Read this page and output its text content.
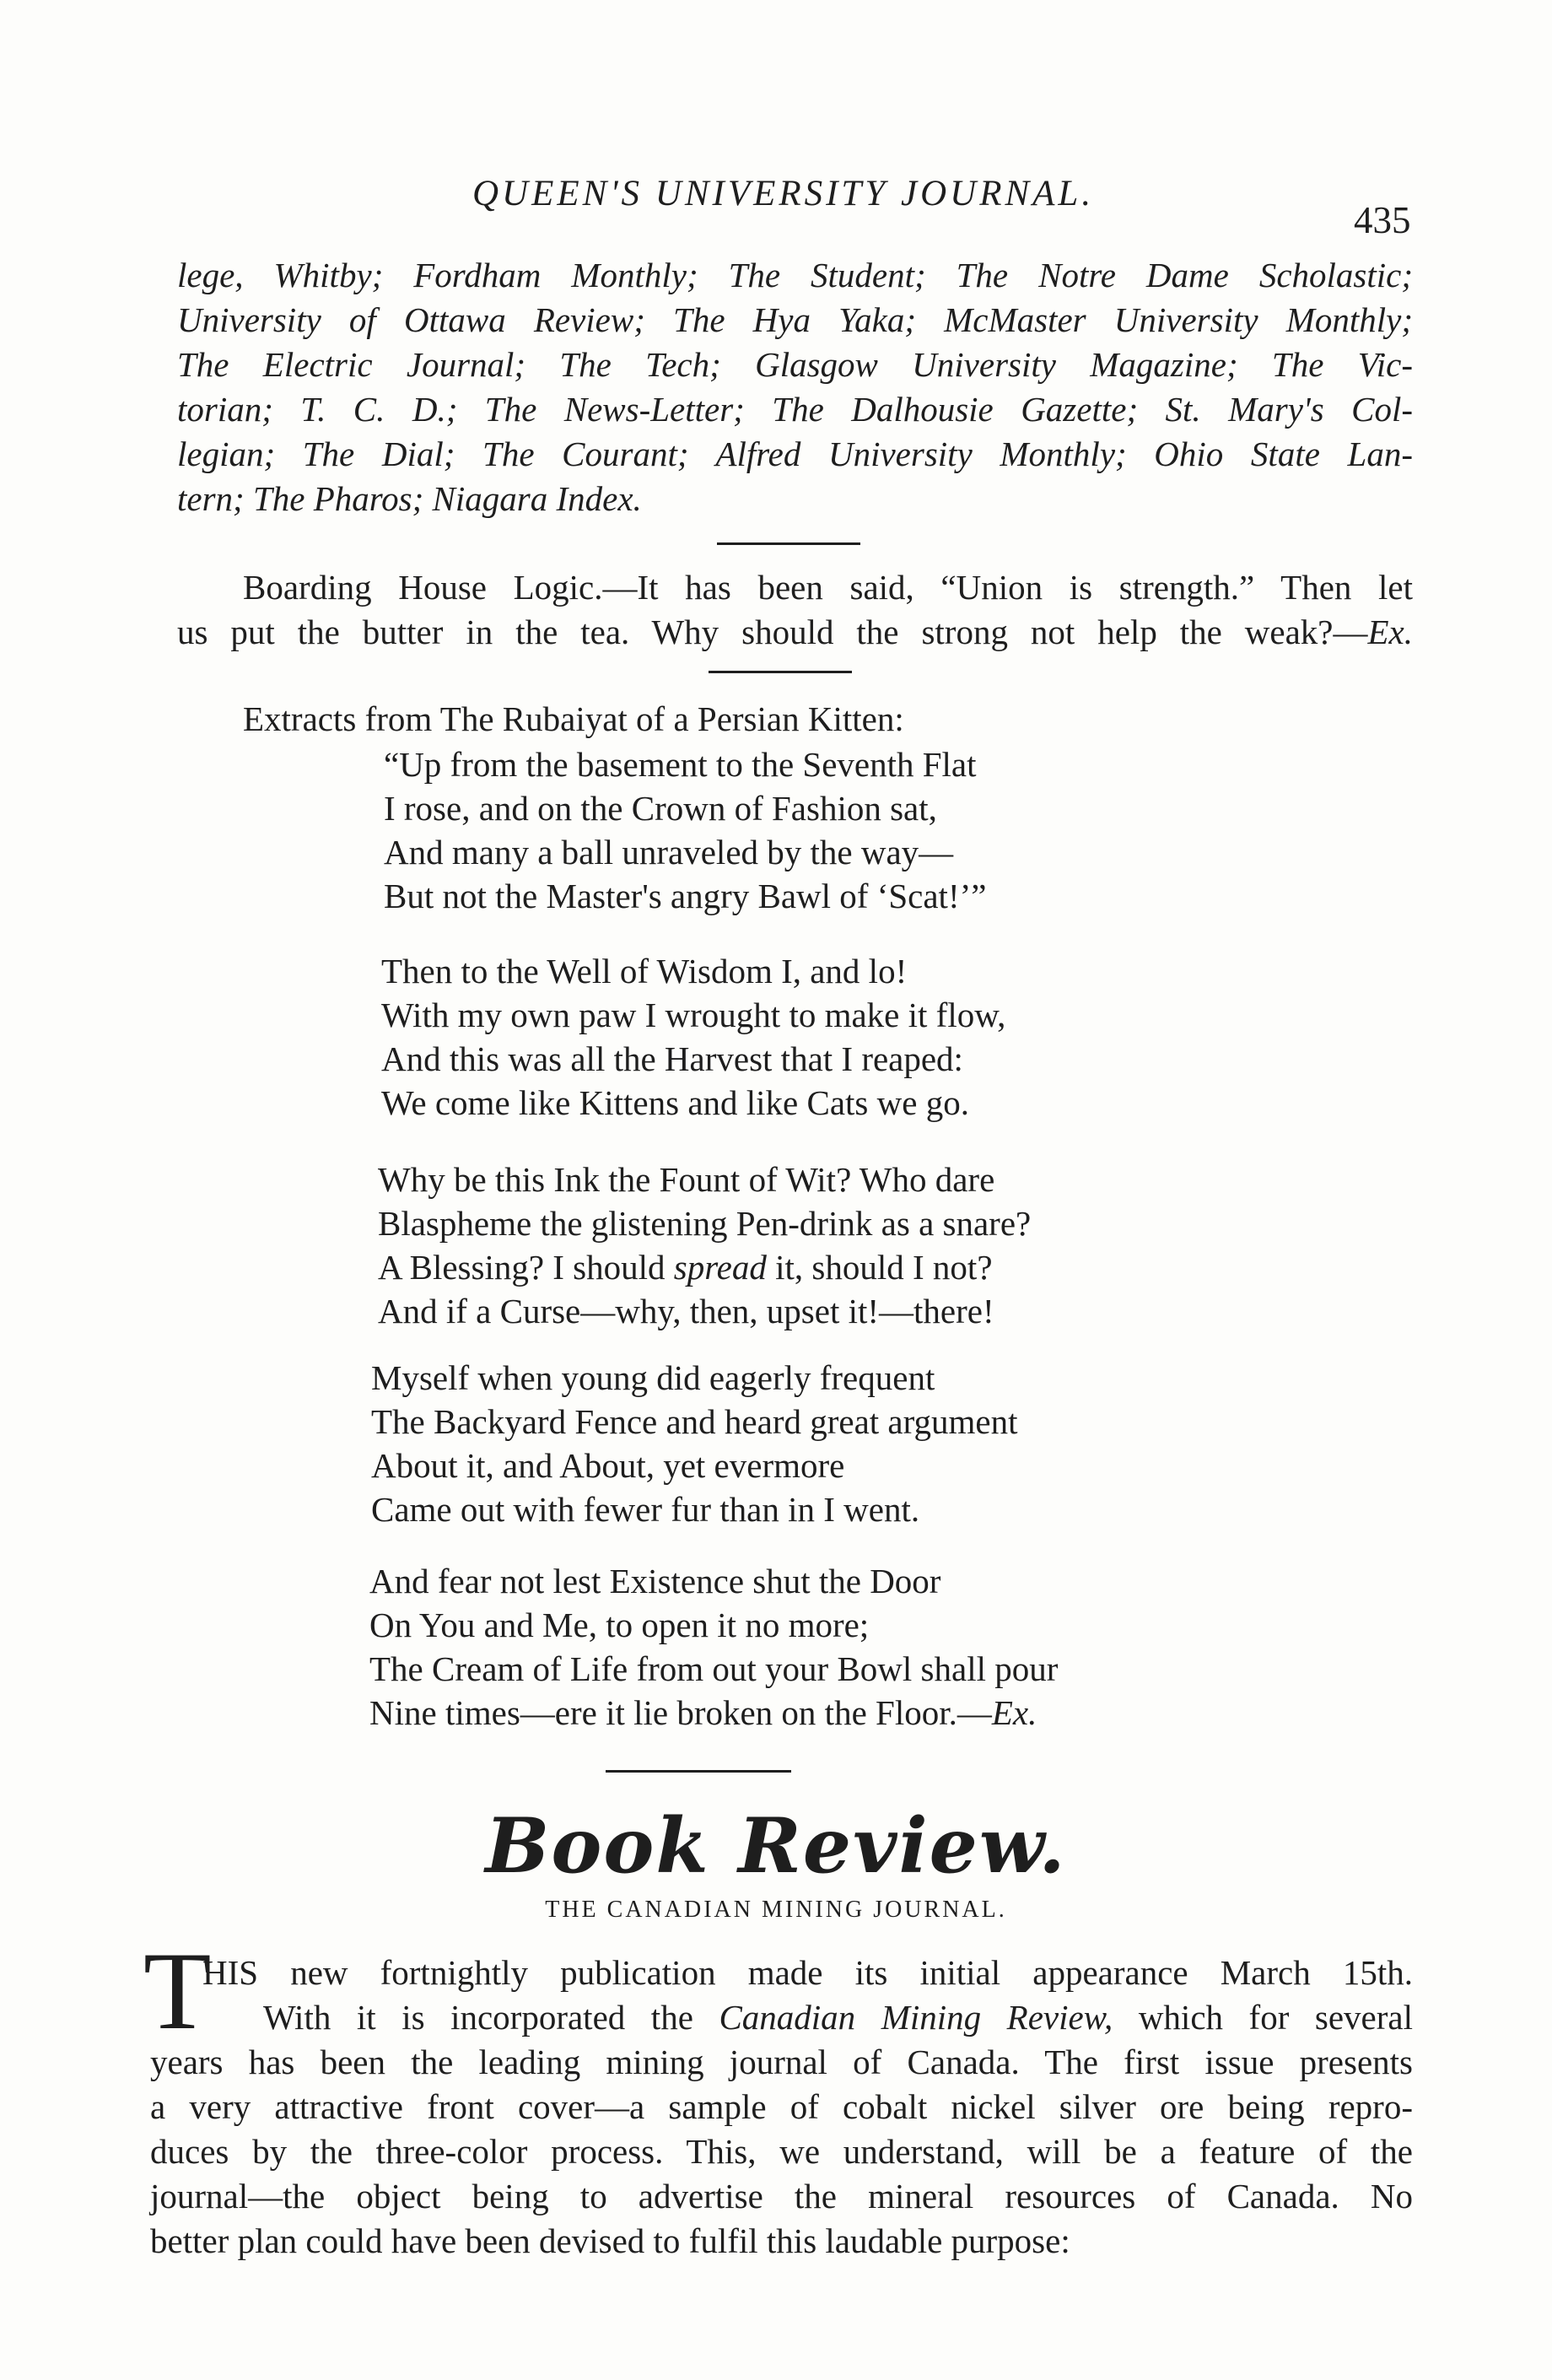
QUEEN'S UNIVERSITY JOURNAL.
435
lege, Whitby; Fordham Monthly; The Student; The Notre Dame Scholastic;
University of Ottawa Review; The Hya Yaka; McMaster University Monthly;
The Electric Journal; The Tech; Glasgow University Magazine; The Vic-
torian; T. C. D.; The News-Letter; The Dalhousie Gazette; St. Mary's Col-
legian; The Dial; The Courant; Alfred University Monthly; Ohio State Lan-
tern; The Pharos; Niagara Index.
Boarding House Logic.—It has been said, “Union is strength.” Then let
us put the butter in the tea. Why should the strong not help the weak?—Ex.
Extracts from The Rubaiyat of a Persian Kitten:
“Up from the basement to the Seventh Flat
I rose, and on the Crown of Fashion sat,
And many a ball unraveled by the way—
But not the Master's angry Bawl of ‘Scat!’”
Then to the Well of Wisdom I, and lo!
With my own paw I wrought to make it flow,
And this was all the Harvest that I reaped:
We come like Kittens and like Cats we go.
Why be this Ink the Fount of Wit? Who dare
Blaspheme the glistening Pen-drink as a snare?
A Blessing? I should spread it, should I not?
And if a Curse—why, then, upset it!—there!
Myself when young did eagerly frequent
The Backyard Fence and heard great argument
About it, and About, yet evermore
Came out with fewer fur than in I went.
And fear not lest Existence shut the Door
On You and Me, to open it no more;
The Cream of Life from out your Bowl shall pour
Nine times—ere it lie broken on the Floor.—Ex.
Book Review.
THE CANADIAN MINING JOURNAL.
T
HIS new fortnightly publication made its initial appearance March 15th.
With it is incorporated the Canadian Mining Review, which for several
years has been the leading mining journal of Canada. The first issue presents
a very attractive front cover—a sample of cobalt nickel silver ore being repro-
duces by the three-color process. This, we understand, will be a feature of the
journal—the object being to advertise the mineral resources of Canada. No
better plan could have been devised to fulfil this laudable purpose:
